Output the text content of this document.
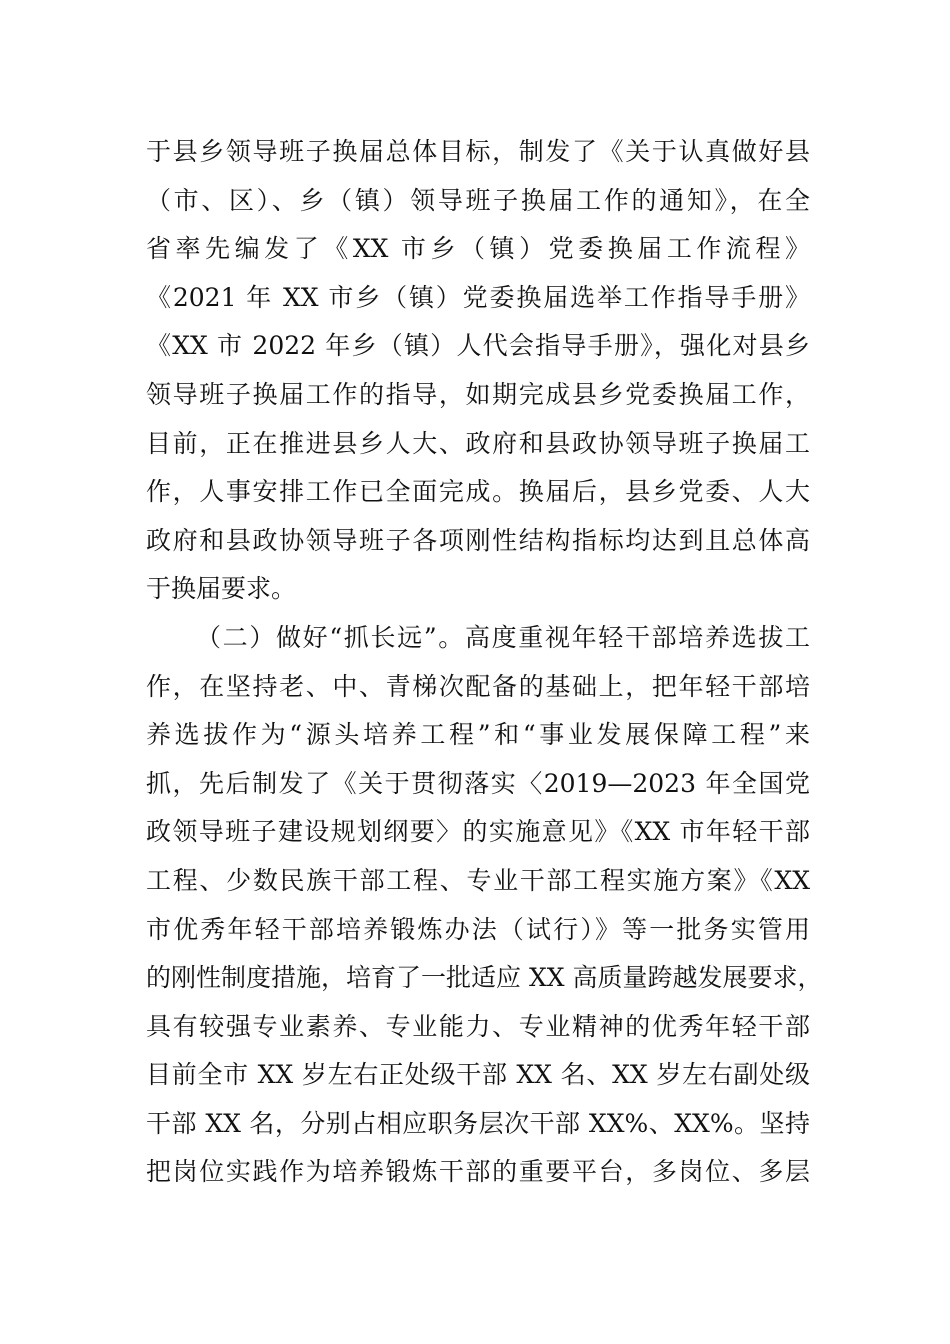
于县乡领导班子换届总体目标，制发了《关于认真做好县
（市、区）、乡（镇）领导班子换届工作的通知》，在全
省率先编发了《XX 市乡（镇）党委换届工作流程》
《2021 年 XX 市乡（镇）党委换届选举工作指导手册》
《XX 市 2022 年乡（镇）人代会指导手册》，强化对县乡
领导班子换届工作的指导，如期完成县乡党委换届工作，
目前，正在推进县乡人大、政府和县政协领导班子换届工
作，人事安排工作已全面完成。换届后，县乡党委、人大
政府和县政协领导班子各项刚性结构指标均达到且总体高
于换届要求。
（二）做好“抓长远”。高度重视年轻干部培养选拔工
作，在坚持老、中、青梯次配备的基础上，把年轻干部培
养选拔作为“源头培养工程”和“事业发展保障工程”来
抓，先后制发了《关于贯彻落实〈2019—2023 年全国党
政领导班子建设规划纲要〉的实施意见》《XX 市年轻干部
工程、少数民族干部工程、专业干部工程实施方案》《XX
市优秀年轻干部培养锻炼办法（试行）》等一批务实管用
的刚性制度措施，培育了一批适应 XX 高质量跨越发展要求，
具有较强专业素养、专业能力、专业精神的优秀年轻干部
目前全市 XX 岁左右正处级干部 XX 名、XX 岁左右副处级
干部 XX 名，分别占相应职务层次干部 XX%、XX%。坚持
把岗位实践作为培养锻炼干部的重要平台，多岗位、多层
